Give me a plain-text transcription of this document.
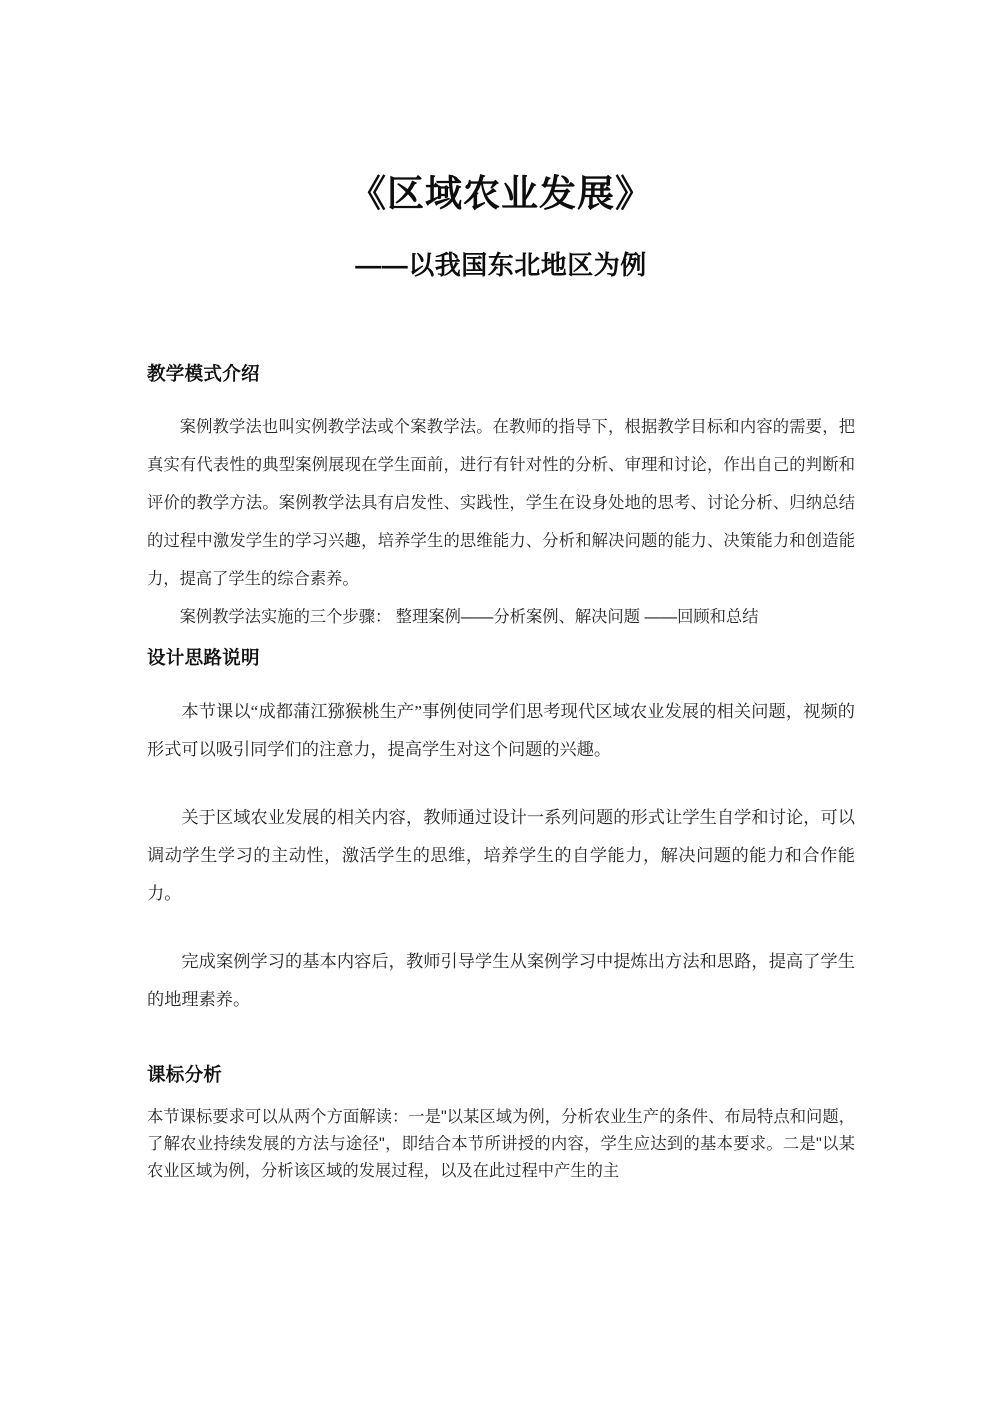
《区域农业发展》
——以我国东北地区为例
教学模式介绍

案例教学法也叫实例教学法或个案教学法。在教师的指导下，根据教学目标和内容的需要，把真实有代表性的典型案例展现在学生面前，进行有针对性的分析、审理和讨论，作出自己的判断和评价的教学方法。案例教学法具有启发性、实践性，学生在设身处地的思考、讨论分析、归纳总结的过程中激发学生的学习兴趣，培养学生的思维能力、分析和解决问题的能力、决策能力和创造能力，提高了学生的综合素养。

案例教学法实施的三个步骤： 整理案例——分析案例、解决问题 ——回顾和总结

设计思路说明

本节课以“成都蒲江猕猴桃生产”事例使同学们思考现代区域农业发展的相关问题，视频的形式可以吸引同学们的注意力，提高学生对这个问题的兴趣。

关于区域农业发展的相关内容，教师通过设计一系列问题的形式让学生自学和讨论，可以调动学生学习的主动性，激活学生的思维，培养学生的自学能力，解决问题的能力和合作能力。

完成案例学习的基本内容后，教师引导学生从案例学习中提炼出方法和思路，提高了学生的地理素养。

课标分析

本节课标要求可以从两个方面解读：一是"以某区域为例，分析农业生产的条件、布局特点和问题，了解农业持续发展的方法与途径"，即结合本节所讲授的内容，学生应达到的基本要求。二是"以某农业区域为例，分析该区域的发展过程，以及在此过程中产生的主
